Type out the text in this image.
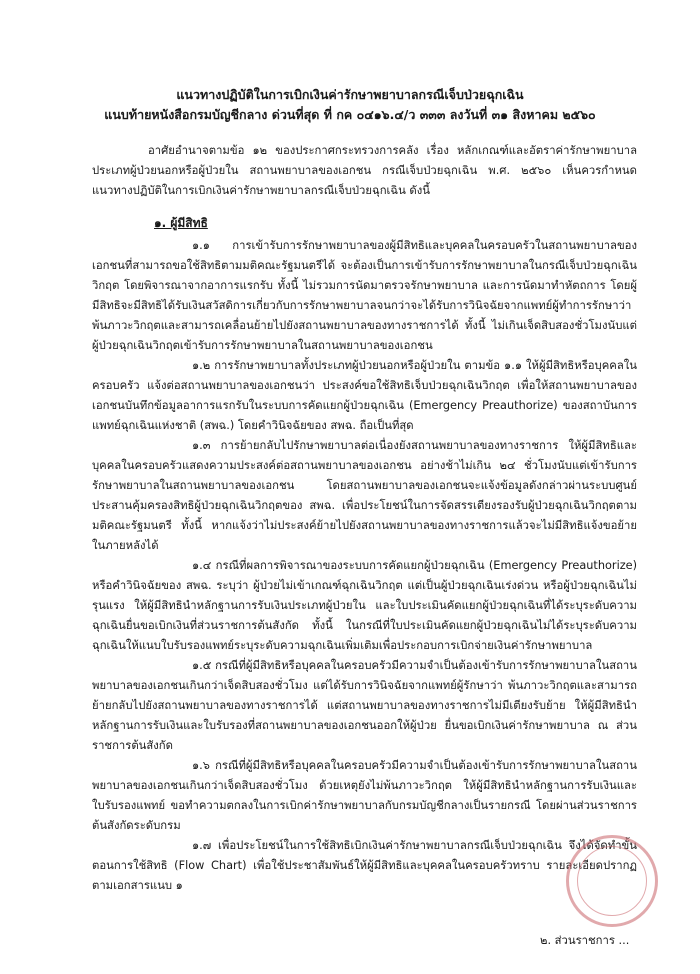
แนวทางปฏิบัติในการเบิกเงินค่ารักษาพยาบาลกรณีเจ็บป่วยฉุกเฉิน
แนบท้ายหนังสือกรมบัญชีกลาง ด่วนที่สุด ที่ กค ๐๔๑๖.๔/ว ๓๓๓ ลงวันที่ ๓๑ สิงหาคม ๒๕๖๐

อาศัยอำนาจตามข้อ ๑๒ ของประกาศกระทรวงการคลัง เรื่อง หลักเกณฑ์และอัตราค่ารักษาพยาบาลประเภทผู้ป่วยนอกหรือผู้ป่วยใน สถานพยาบาลของเอกชน กรณีเจ็บป่วยฉุกเฉิน พ.ศ. ๒๕๖๐ เห็นควรกำหนดแนวทางปฏิบัติในการเบิกเงินค่ารักษาพยาบาลกรณีเจ็บป่วยฉุกเฉิน ดังนี้

๑. ผู้มีสิทธิ

๑.๑ การเข้ารับการรักษาพยาบาลของผู้มีสิทธิและบุคคลในครอบครัวในสถานพยาบาลของเอกชนที่สามารถขอใช้สิทธิตามมติคณะรัฐมนตรีได้ จะต้องเป็นการเข้ารับการรักษาพยาบาลในกรณีเจ็บป่วยฉุกเฉินวิกฤต โดยพิจารณาจากอาการแรกรับ ทั้งนี้ ไม่รวมการนัดมาตรวจรักษาพยาบาล และการนัดมาทำหัตถการ โดยผู้มีสิทธิจะมีสิทธิได้รับเงินสวัสดิการเกี่ยวกับการรักษาพยาบาลจนกว่าจะได้รับการวินิจฉัยจากแพทย์ผู้ทำการรักษาว่า พ้นภาวะวิกฤตและสามารถเคลื่อนย้ายไปยังสถานพยาบาลของทางราชการได้ ทั้งนี้ ไม่เกินเจ็ดสิบสองชั่วโมงนับแต่ผู้ป่วยฉุกเฉินวิกฤตเข้ารับการรักษาพยาบาลในสถานพยาบาลของเอกชน

๑.๒ การรักษาพยาบาลทั้งประเภทผู้ป่วยนอกหรือผู้ป่วยใน ตามข้อ ๑.๑ ให้ผู้มีสิทธิหรือบุคคลในครอบครัว แจ้งต่อสถานพยาบาลของเอกชนว่า ประสงค์ขอใช้สิทธิเจ็บป่วยฉุกเฉินวิกฤต เพื่อให้สถานพยาบาลของเอกชนบันทึกข้อมูลอาการแรกรับในระบบการคัดแยกผู้ป่วยฉุกเฉิน (Emergency Preauthorize) ของสถาบันการแพทย์ฉุกเฉินแห่งชาติ (สพฉ.) โดยคำวินิจฉัยของ สพฉ. ถือเป็นที่สุด

๑.๓ การย้ายกลับไปรักษาพยาบาลต่อเนื่องยังสถานพยาบาลของทางราชการ ให้ผู้มีสิทธิและบุคคลในครอบครัวแสดงความประสงค์ต่อสถานพยาบาลของเอกชน อย่างช้าไม่เกิน ๒๔ ชั่วโมงนับแต่เข้ารับการรักษาพยาบาลในสถานพยาบาลของเอกชน โดยสถานพยาบาลของเอกชนจะแจ้งข้อมูลดังกล่าวผ่านระบบศูนย์ประสานคุ้มครองสิทธิผู้ป่วยฉุกเฉินวิกฤตของ สพฉ. เพื่อประโยชน์ในการจัดสรรเตียงรองรับผู้ป่วยฉุกเฉินวิกฤตตามมติคณะรัฐมนตรี ทั้งนี้ หากแจ้งว่าไม่ประสงค์ย้ายไปยังสถานพยาบาลของทางราชการแล้วจะไม่มีสิทธิแจ้งขอย้ายในภายหลังได้

๑.๔ กรณีที่ผลการพิจารณาของระบบการคัดแยกผู้ป่วยฉุกเฉิน (Emergency Preauthorize) หรือคำวินิจฉัยของ สพฉ. ระบุว่า ผู้ป่วยไม่เข้าเกณฑ์ฉุกเฉินวิกฤต แต่เป็นผู้ป่วยฉุกเฉินเร่งด่วน หรือผู้ป่วยฉุกเฉินไม่รุนแรง ให้ผู้มีสิทธินำหลักฐานการรับเงินประเภทผู้ป่วยใน และใบประเมินคัดแยกผู้ป่วยฉุกเฉินที่ได้ระบุระดับความฉุกเฉินยื่นขอเบิกเงินที่ส่วนราชการต้นสังกัด ทั้งนี้ ในกรณีที่ใบประเมินคัดแยกผู้ป่วยฉุกเฉินไม่ได้ระบุระดับความฉุกเฉินให้แนบใบรับรองแพทย์ระบุระดับความฉุกเฉินเพิ่มเติมเพื่อประกอบการเบิกจ่ายเงินค่ารักษาพยาบาล

๑.๕ กรณีที่ผู้มีสิทธิหรือบุคคลในครอบครัวมีความจำเป็นต้องเข้ารับการรักษาพยาบาลในสถานพยาบาลของเอกชนเกินกว่าเจ็ดสิบสองชั่วโมง แต่ได้รับการวินิจฉัยจากแพทย์ผู้รักษาว่า พ้นภาวะวิกฤตและสามารถย้ายกลับไปยังสถานพยาบาลของทางราชการได้ แต่สถานพยาบาลของทางราชการไม่มีเตียงรับย้าย ให้ผู้มีสิทธินำหลักฐานการรับเงินและใบรับรองที่สถานพยาบาลของเอกชนออกให้ผู้ป่วย ยื่นขอเบิกเงินค่ารักษาพยาบาล ณ ส่วนราชการต้นสังกัด

๑.๖ กรณีที่ผู้มีสิทธิหรือบุคคลในครอบครัวมีความจำเป็นต้องเข้ารับการรักษาพยาบาลในสถานพยาบาลของเอกชนเกินกว่าเจ็ดสิบสองชั่วโมง ด้วยเหตุยังไม่พ้นภาวะวิกฤต ให้ผู้มีสิทธินำหลักฐานการรับเงินและใบรับรองแพทย์ ขอทำความตกลงในการเบิกค่ารักษาพยาบาลกับกรมบัญชีกลางเป็นรายกรณี โดยผ่านส่วนราชการต้นสังกัดระดับกรม

๑.๗ เพื่อประโยชน์ในการใช้สิทธิเบิกเงินค่ารักษาพยาบาลกรณีเจ็บป่วยฉุกเฉิน จึงได้จัดทำขั้นตอนการใช้สิทธิ (Flow Chart) เพื่อใช้ประชาสัมพันธ์ให้ผู้มีสิทธิและบุคคลในครอบครัวทราบ รายละเอียดปรากฏตามเอกสารแนบ ๑

๒. ส่วนราชการ ...
